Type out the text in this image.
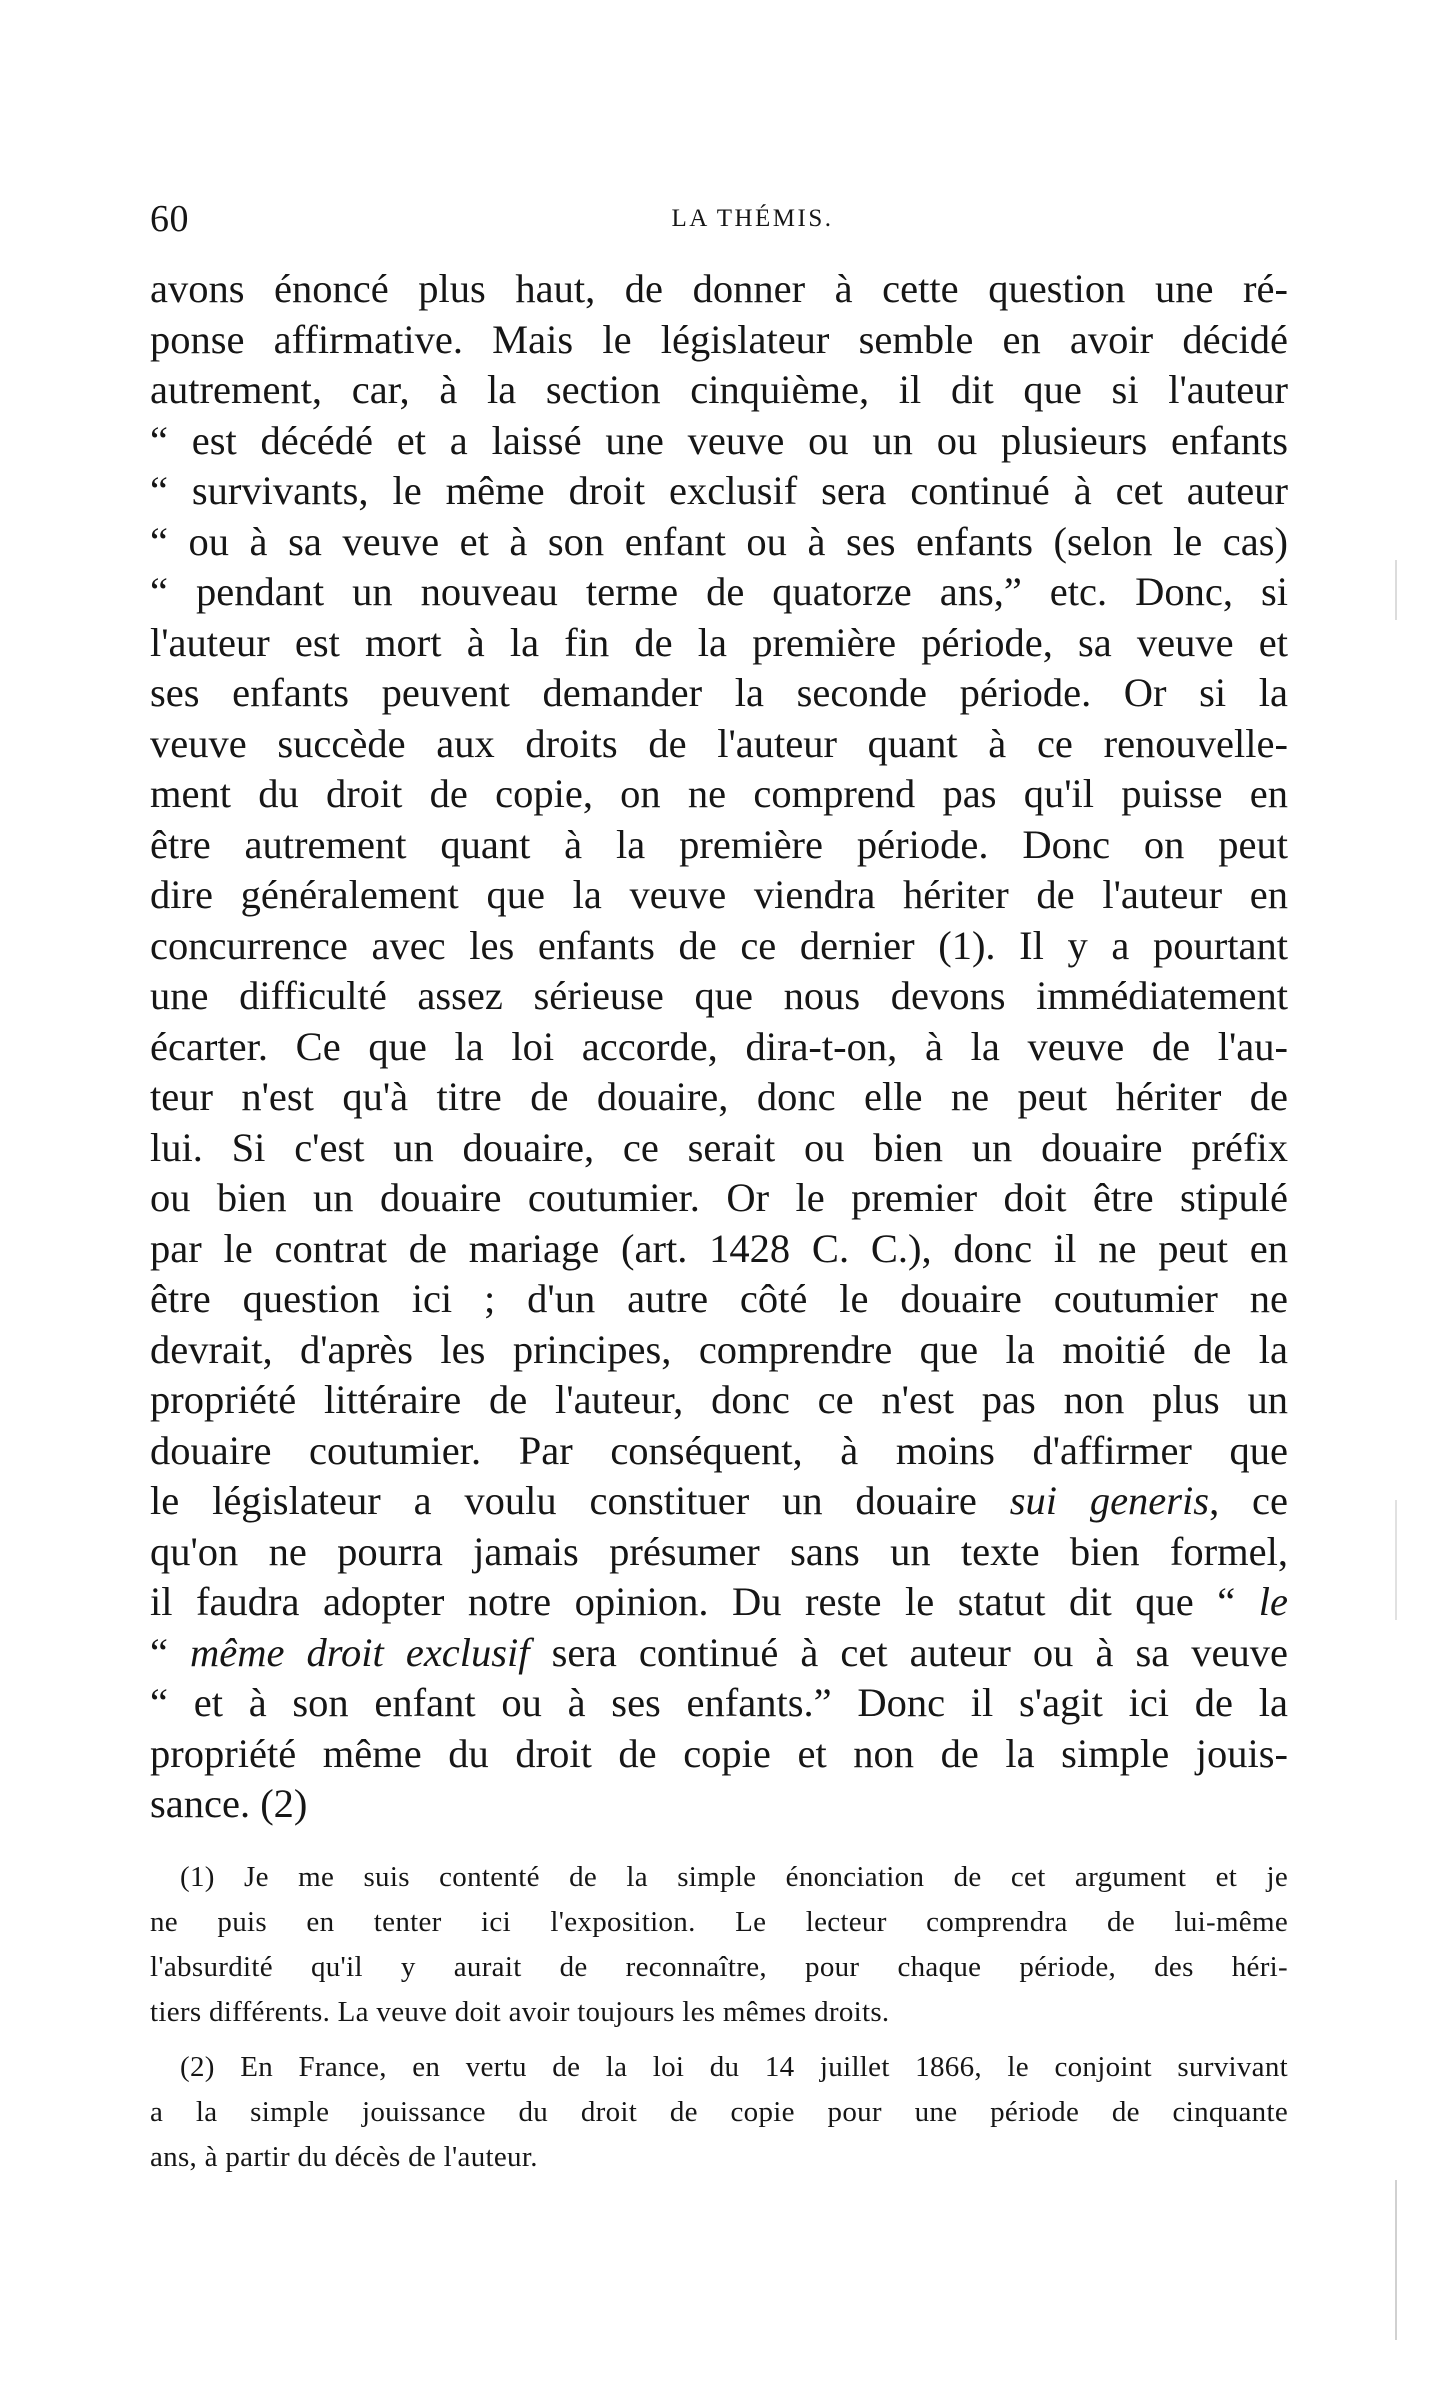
60	LA THÉMIS.
avons énoncé plus haut, de donner à cette question une ré-
ponse affirmative. Mais le législateur semble en avoir décidé
autrement, car, à la section cinquième, il dit que si l'auteur
“ est décédé et a laissé une veuve ou un ou plusieurs enfants
“ survivants, le même droit exclusif sera continué à cet auteur
“ ou à sa veuve et à son enfant ou à ses enfants (selon le cas)
“ pendant un nouveau terme de quatorze ans,” etc. Donc, si
l'auteur est mort à la fin de la première période, sa veuve et
ses enfants peuvent demander la seconde période. Or si la
veuve succède aux droits de l'auteur quant à ce renouvelle-
ment du droit de copie, on ne comprend pas qu'il puisse en
être autrement quant à la première période. Donc on peut
dire généralement que la veuve viendra hériter de l'auteur en
concurrence avec les enfants de ce dernier (1). Il y a pourtant
une difficulté assez sérieuse que nous devons immédiatement
écarter. Ce que la loi accorde, dira-t-on, à la veuve de l'au-
teur n'est qu'à titre de douaire, donc elle ne peut hériter de
lui. Si c'est un douaire, ce serait ou bien un douaire préfix
ou bien un douaire coutumier. Or le premier doit être stipulé
par le contrat de mariage (art. 1428 C. C.), donc il ne peut en
être question ici ; d'un autre côté le douaire coutumier ne
devrait, d'après les principes, comprendre que la moitié de la
propriété littéraire de l'auteur, donc ce n'est pas non plus un
douaire coutumier. Par conséquent, à moins d'affirmer que
le législateur a voulu constituer un douaire sui generis, ce
qu'on ne pourra jamais présumer sans un texte bien formel,
il faudra adopter notre opinion. Du reste le statut dit que “ le
“ même droit exclusif sera continué à cet auteur ou à sa veuve
“ et à son enfant ou à ses enfants.” Donc il s'agit ici de la
propriété même du droit de copie et non de la simple jouis-
sance. (2)
(1) Je me suis contenté de la simple énonciation de cet argument et je
ne puis en tenter ici l'exposition. Le lecteur comprendra de lui-même
l'absurdité qu'il y aurait de reconnaître, pour chaque période, des héri-
tiers différents. La veuve doit avoir toujours les mêmes droits.
(2) En France, en vertu de la loi du 14 juillet 1866, le conjoint survivant
a la simple jouissance du droit de copie pour une période de cinquante
ans, à partir du décès de l'auteur.
